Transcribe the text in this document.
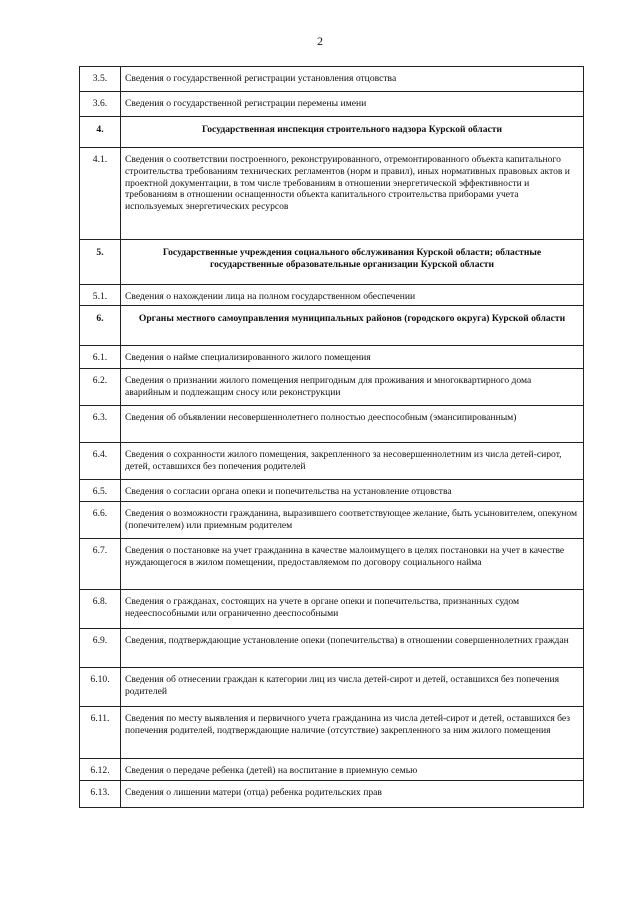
2
3.5.	Сведения о государственной регистрации установления отцовства

3.6.	Сведения о государственной регистрации перемены имени

4.	Государственная инспекция строительного надзора Курской области

4.1.	Сведения о соответствии построенного, реконструированного, отремонтированного объекта капитального строительства требованиям технических регламентов (норм и правил), иных нормативных правовых актов и проектной документации, в том числе требованиям в отношении энергетической эффективности и требованиям в отношении оснащенности объекта капитального строительства приборами учета используемых энергетических ресурсов

5.	Государственные учреждения социального обслуживания Курской области; областные государственные образовательные организации Курской области

5.1.	Сведения о нахождении лица на полном государственном обеспечении

6.	Органы местного самоуправления муниципальных районов (городского округа) Курской области

6.1.	Сведения о найме специализированного жилого помещения

6.2.	Сведения о признании жилого помещения непригодным для проживания и многоквартирного дома аварийным и подлежащим сносу или реконструкции

6.3.	Сведения об объявлении несовершеннолетнего полностью дееспособным (эмансипированным)

6.4.	Сведения о сохранности жилого помещения, закрепленного за несовершеннолетним из числа детей-сирот, детей, оставшихся без попечения родителей

6.5.	Сведения о согласии органа опеки и попечительства на установление отцовства

6.6.	Сведения о возможности гражданина, выразившего соответствующее желание, быть усыновителем, опекуном (попечителем) или приемным родителем

6.7.	Сведения о постановке на учет гражданина в качестве малоимущего в целях постановки на учет в качестве нуждающегося в жилом помещении, предоставляемом по договору социального найма

6.8.	Сведения о гражданах, состоящих на учете в органе опеки и попечительства, признанных судом недееспособными или ограниченно дееспособными

6.9.	Сведения, подтверждающие установление опеки (попечительства) в отношении совершеннолетних граждан

6.10.	Сведения об отнесении граждан к категории лиц из числа детей-сирот и детей, оставшихся без попечения родителей

6.11.	Сведения по месту выявления и первичного учета гражданина из числа детей-сирот и детей, оставшихся без попечения родителей, подтверждающие наличие (отсутствие) закрепленного за ним жилого помещения

6.12.	Сведения о передаче ребенка (детей) на воспитание в приемную семью

6.13.	Сведения о лишении матери (отца) ребенка родительских прав
